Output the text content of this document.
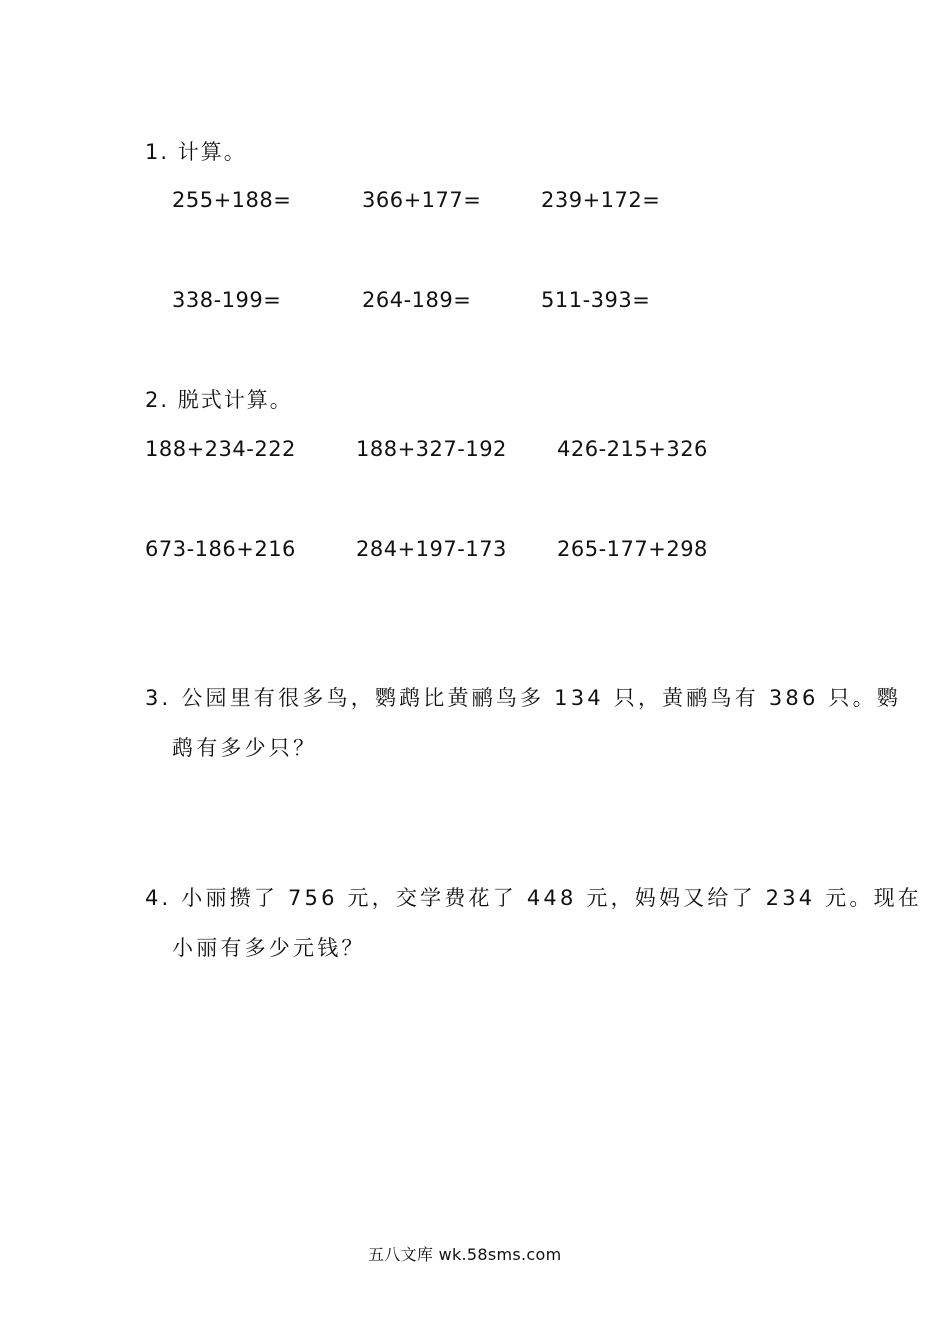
1. 计算。
255+188=	366+177=	239+172=
338-199=	264-189=	511-393=
2. 脱式计算。
188+234-222	188+327-192 426-215+326
673-186+216	284+197-173 265-177+298
3. 公园里有很多鸟，鹦鹉比黄鹂鸟多 134 只，黄鹂鸟有 386 只。鹦
鹉有多少只？
4. 小丽攒了 756 元，交学费花了 448 元，妈妈又给了 234 元。现在
小丽有多少元钱？
五八文库 wk.58sms.com
